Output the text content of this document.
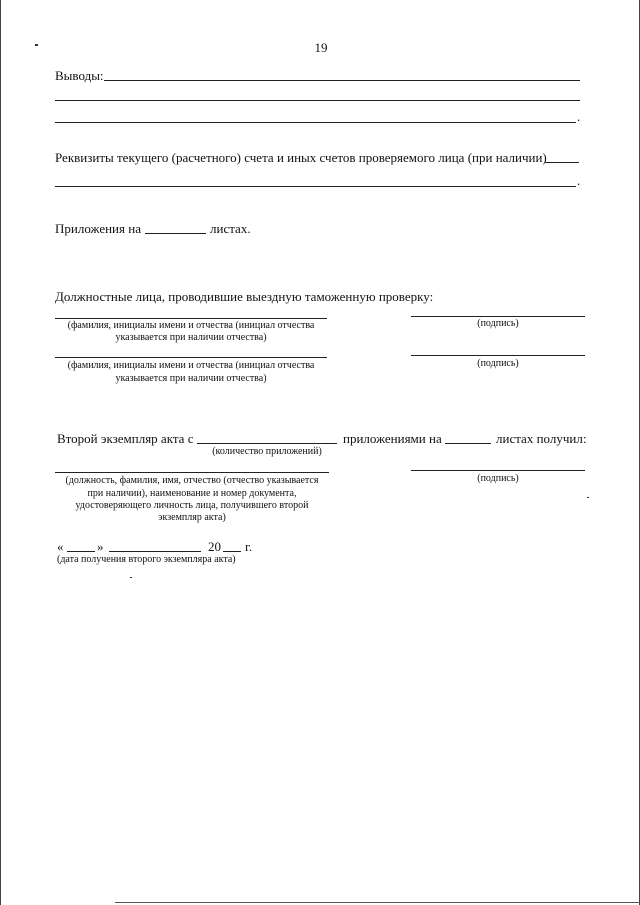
19
Выводы:
.
Реквизиты текущего (расчетного) счета и иных счетов проверяемого лица (при наличии)
.
Приложения на	листах.
Должностные лица, проводившие выездную таможенную проверку:
(фамилия, инициалы имени и отчества (инициал отчества
указывается при наличии отчества)
(подпись)
(фамилия, инициалы имени и отчества (инициал отчества
указывается при наличии отчества)
(подпись)
Второй экземпляр акта с
(количество приложений)
приложениями на	листах получил:
(должность, фамилия, имя, отчество (отчество указывается
при наличии), наименование и номер документа,
удостоверяющего личность лица, получившего второй
экземпляр акта)
(подпись)
«	»	20 г.
(дата получения второго экземпляра акта)
